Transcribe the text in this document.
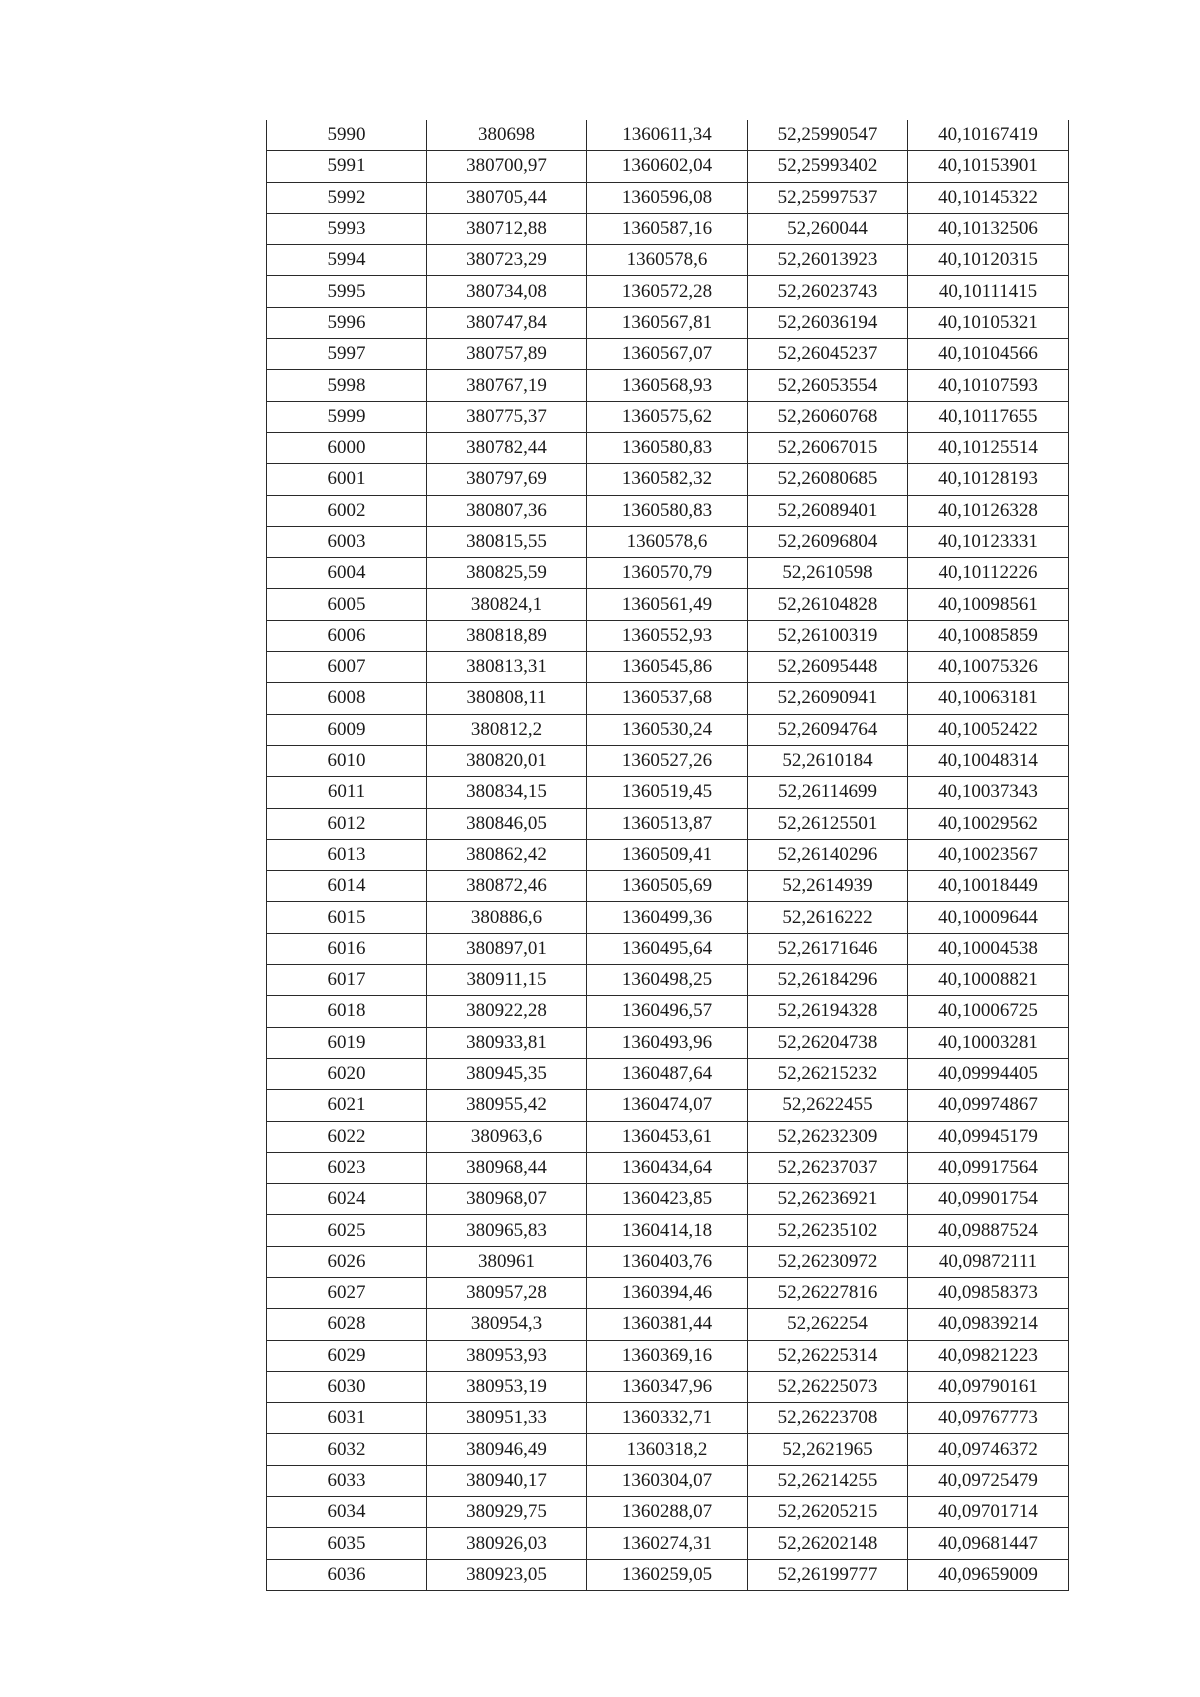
5990	380698	1360611,34	52,25990547	40,10167419
5991	380700,97	1360602,04	52,25993402	40,10153901
5992	380705,44	1360596,08	52,25997537	40,10145322
5993	380712,88	1360587,16	52,260044	40,10132506
5994	380723,29	1360578,6	52,26013923	40,10120315
5995	380734,08	1360572,28	52,26023743	40,10111415
5996	380747,84	1360567,81	52,26036194	40,10105321
5997	380757,89	1360567,07	52,26045237	40,10104566
5998	380767,19	1360568,93	52,26053554	40,10107593
5999	380775,37	1360575,62	52,26060768	40,10117655
6000	380782,44	1360580,83	52,26067015	40,10125514
6001	380797,69	1360582,32	52,26080685	40,10128193
6002	380807,36	1360580,83	52,26089401	40,10126328
6003	380815,55	1360578,6	52,26096804	40,10123331
6004	380825,59	1360570,79	52,2610598	40,10112226
6005	380824,1	1360561,49	52,26104828	40,10098561
6006	380818,89	1360552,93	52,26100319	40,10085859
6007	380813,31	1360545,86	52,26095448	40,10075326
6008	380808,11	1360537,68	52,26090941	40,10063181
6009	380812,2	1360530,24	52,26094764	40,10052422
6010	380820,01	1360527,26	52,2610184	40,10048314
6011	380834,15	1360519,45	52,26114699	40,10037343
6012	380846,05	1360513,87	52,26125501	40,10029562
6013	380862,42	1360509,41	52,26140296	40,10023567
6014	380872,46	1360505,69	52,2614939	40,10018449
6015	380886,6	1360499,36	52,2616222	40,10009644
6016	380897,01	1360495,64	52,26171646	40,10004538
6017	380911,15	1360498,25	52,26184296	40,10008821
6018	380922,28	1360496,57	52,26194328	40,10006725
6019	380933,81	1360493,96	52,26204738	40,10003281
6020	380945,35	1360487,64	52,26215232	40,09994405
6021	380955,42	1360474,07	52,2622455	40,09974867
6022	380963,6	1360453,61	52,26232309	40,09945179
6023	380968,44	1360434,64	52,26237037	40,09917564
6024	380968,07	1360423,85	52,26236921	40,09901754
6025	380965,83	1360414,18	52,26235102	40,09887524
6026	380961	1360403,76	52,26230972	40,09872111
6027	380957,28	1360394,46	52,26227816	40,09858373
6028	380954,3	1360381,44	52,262254	40,09839214
6029	380953,93	1360369,16	52,26225314	40,09821223
6030	380953,19	1360347,96	52,26225073	40,09790161
6031	380951,33	1360332,71	52,26223708	40,09767773
6032	380946,49	1360318,2	52,2621965	40,09746372
6033	380940,17	1360304,07	52,26214255	40,09725479
6034	380929,75	1360288,07	52,26205215	40,09701714
6035	380926,03	1360274,31	52,26202148	40,09681447
6036	380923,05	1360259,05	52,26199777	40,09659009
